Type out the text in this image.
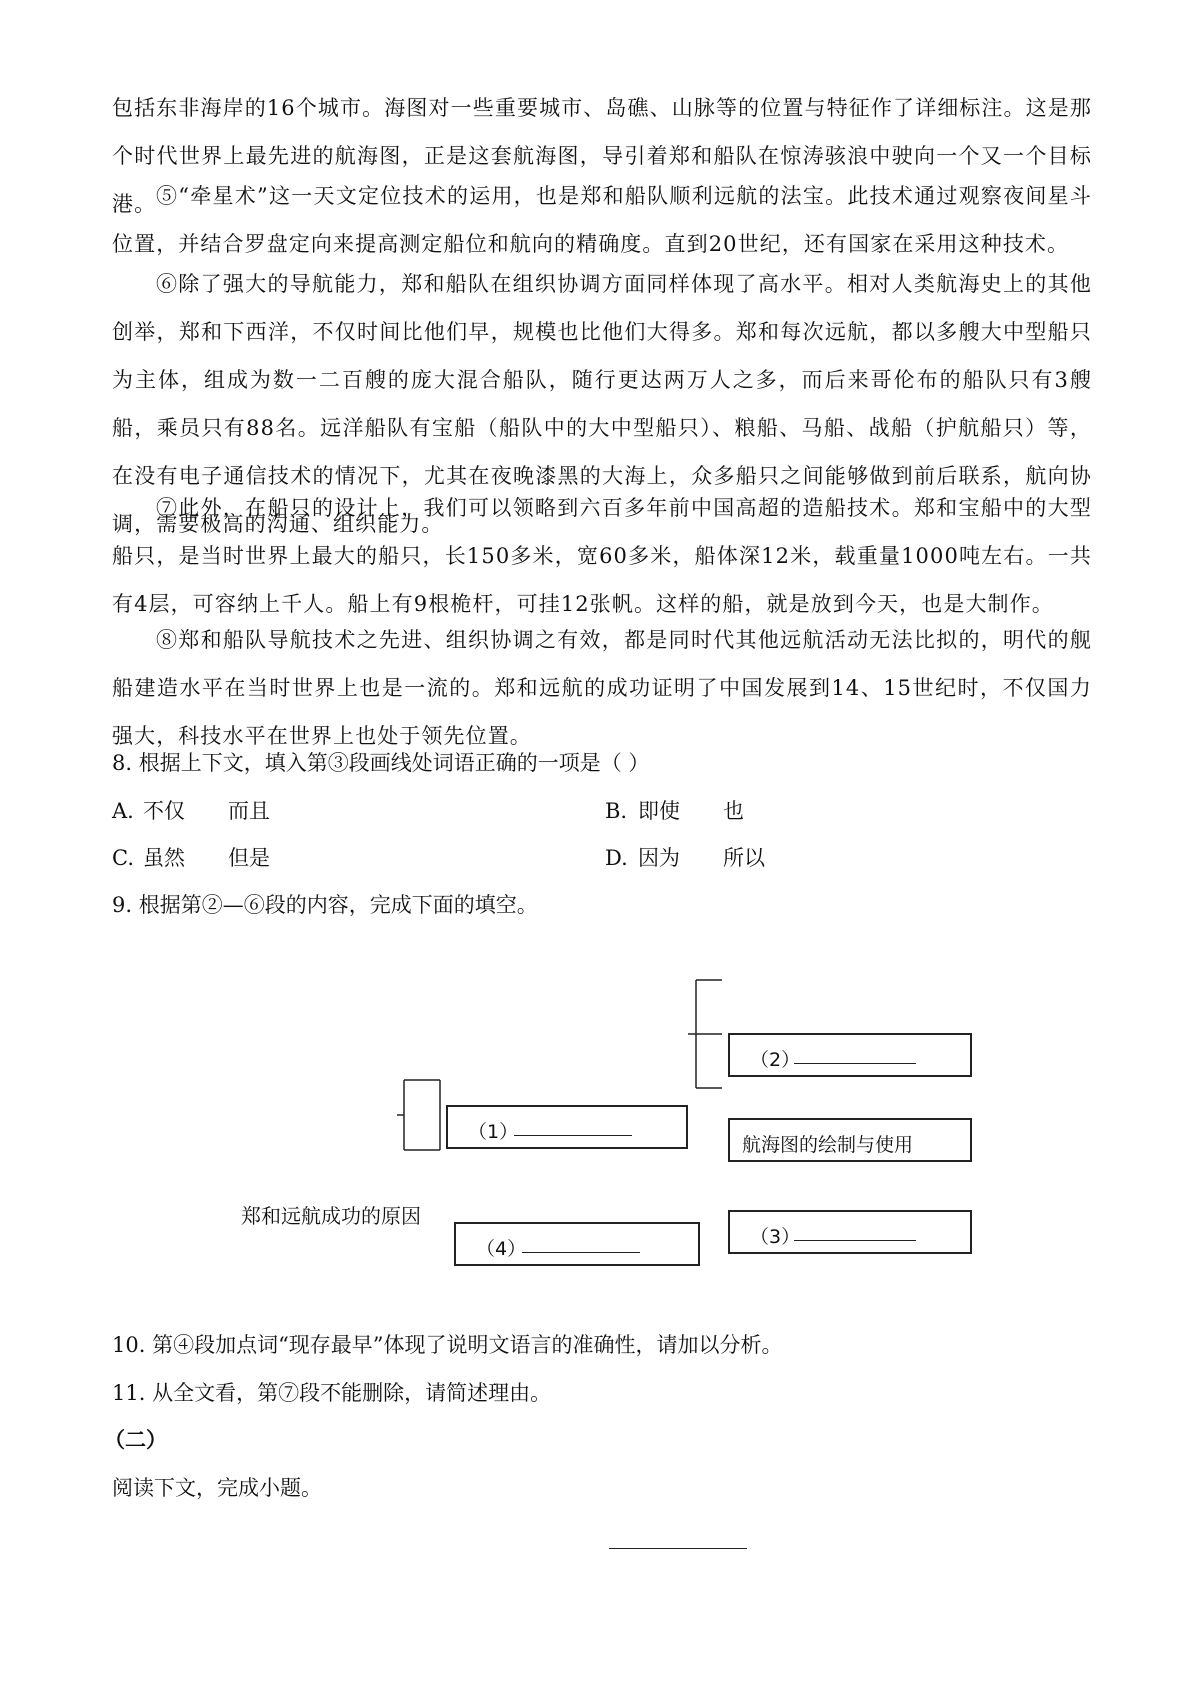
包括东非海岸的16个城市。海图对一些重要城市、岛礁、山脉等的位置与特征作了详细标注。这是那个时代世界上最先进的航海图，正是这套航海图，导引着郑和船队在惊涛骇浪中驶向一个又一个目标港。 ⑤“牵星术”这一天文定位技术的运用，也是郑和船队顺利远航的法宝。此技术通过观察夜间星斗位置，并结合罗盘定向来提高测定船位和航向的精确度。直到20世纪，还有国家在采用这种技术。
⑥除了强大的导航能力，郑和船队在组织协调方面同样体现了高水平。相对人类航海史上的其他创举，郑和下西洋，不仅时间比他们早，规模也比他们大得多。郑和每次远航，都以多艘大中型船只为主体，组成为数一二百艘的庞大混合船队，随行更达两万人之多，而后来哥伦布的船队只有3艘船，乘员只有88名。远洋船队有宝船（船队中的大中型船只）、粮船、马船、战船（护航船只）等，在没有电子通信技术的情况下，尤其在夜晚漆黑的大海上，众多船只之间能够做到前后联系，航向协调，需要极高的沟通、组织能力。
⑦此外，在船只的设计上，我们可以领略到六百多年前中国高超的造船技术。郑和宝船中的大型船只，是当时世界上最大的船只，长150多米，宽60多米，船体深12米，载重量1000吨左右。一共有4层，可容纳上千人。船上有9根桅杆，可挂12张帆。这样的船，就是放到今天，也是大制作。
⑧郑和船队导航技术之先进、组织协调之有效，都是同时代其他远航活动无法比拟的，明代的舰船建造水平在当时世界上也是一流的。郑和远航的成功证明了中国发展到14、15世纪时，不仅国力强大，科技水平在世界上也处于领先位置。
8. 根据上下文，填入第③段画线处词语正确的一项是（ ）
A. 不仅 而且	B. 即使 也
C. 虽然 但是	D. 因为 所以
9. 根据第②—⑥段的内容，完成下面的填空。
郑和远航成功的原因
（1）
（4）
（2）
航海图的绘制与使用
（3）
10. 第④段加点词“现存最早”体现了说明文语言的准确性，请加以分析。
11. 从全文看，第⑦段不能删除，请简述理由。
（二）
阅读下文，完成小题。
